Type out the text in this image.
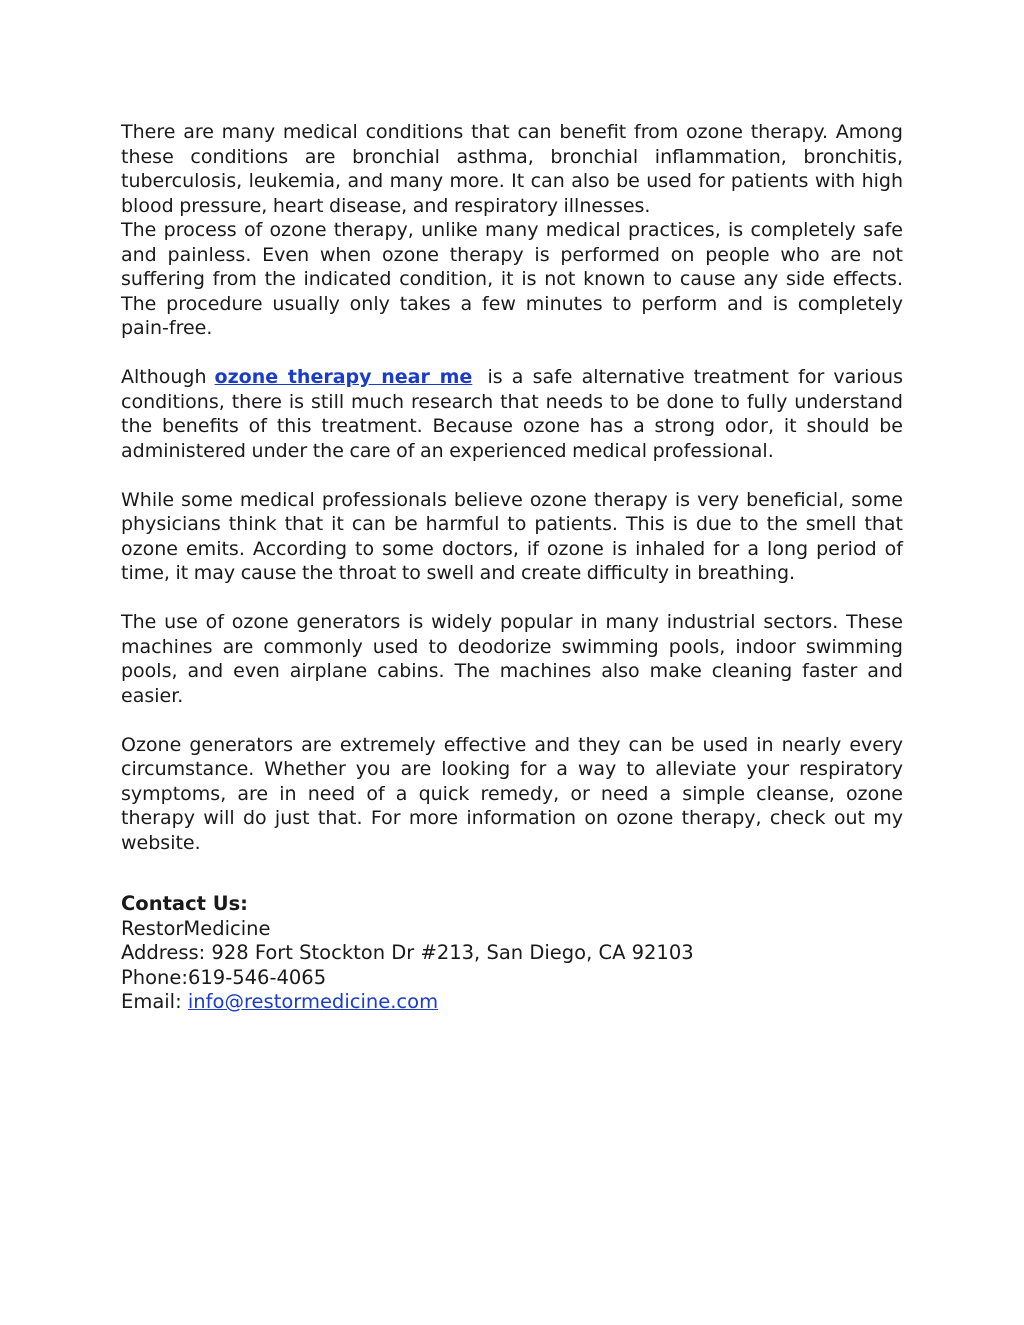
There are many medical conditions that can benefit from ozone therapy. Among these conditions are bronchial asthma, bronchial inflammation, bronchitis, tuberculosis, leukemia, and many more. It can also be used for patients with high blood pressure, heart disease, and respiratory illnesses.

The process of ozone therapy, unlike many medical practices, is completely safe and painless. Even when ozone therapy is performed on people who are not suffering from the indicated condition, it is not known to cause any side effects. The procedure usually only takes a few minutes to perform and is completely pain-free.

Although ozone therapy near me is a safe alternative treatment for various conditions, there is still much research that needs to be done to fully understand the benefits of this treatment. Because ozone has a strong odor, it should be administered under the care of an experienced medical professional.

While some medical professionals believe ozone therapy is very beneficial, some physicians think that it can be harmful to patients. This is due to the smell that ozone emits. According to some doctors, if ozone is inhaled for a long period of time, it may cause the throat to swell and create difficulty in breathing.

The use of ozone generators is widely popular in many industrial sectors. These machines are commonly used to deodorize swimming pools, indoor swimming pools, and even airplane cabins. The machines also make cleaning faster and easier.

Ozone generators are extremely effective and they can be used in nearly every circumstance. Whether you are looking for a way to alleviate your respiratory symptoms, are in need of a quick remedy, or need a simple cleanse, ozone therapy will do just that. For more information on ozone therapy, check out my website.

Contact Us:
RestorMedicine
Address: 928 Fort Stockton Dr #213, San Diego, CA 92103
Phone:619-546-4065
Email: info@restormedicine.com
